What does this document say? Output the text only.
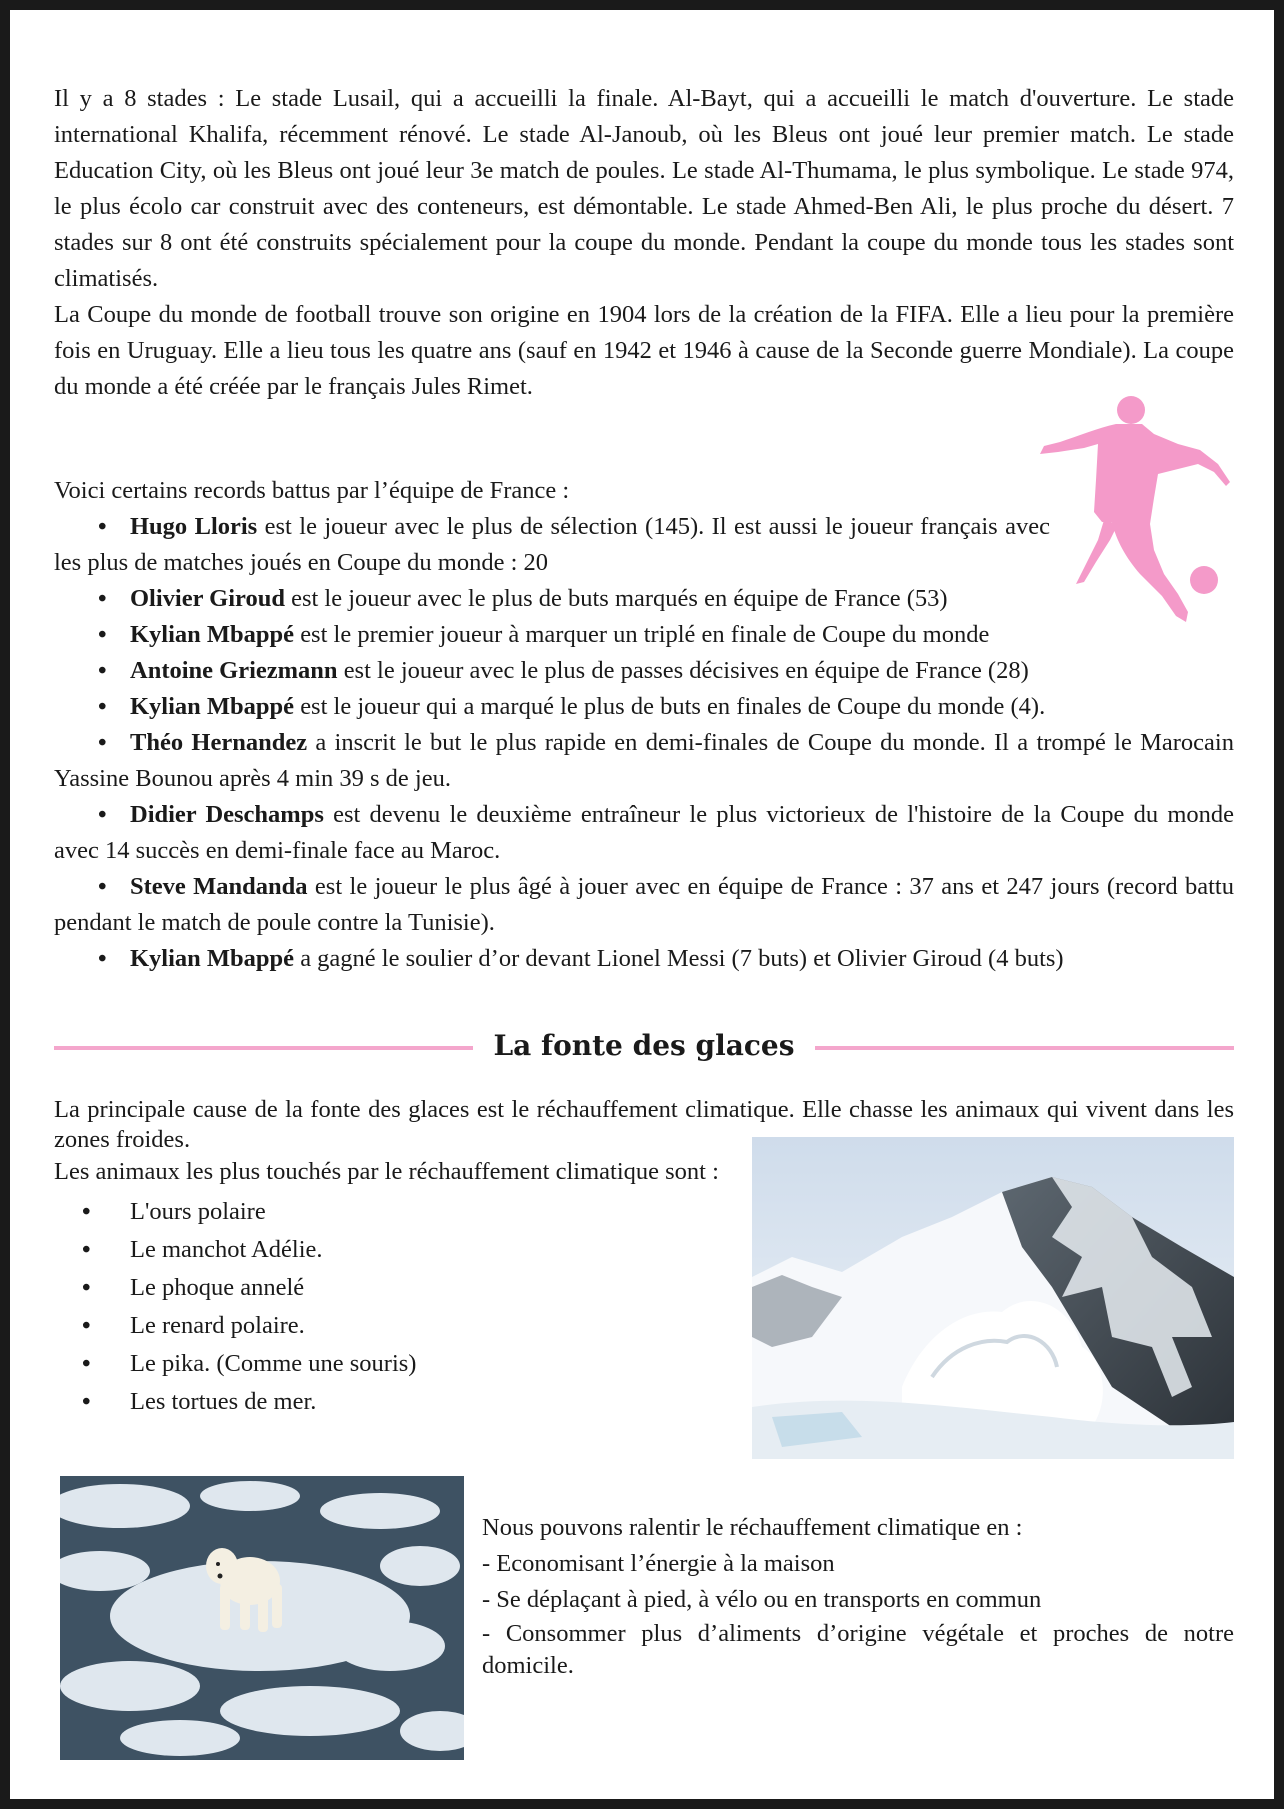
Il y a 8 stades : Le stade Lusail, qui a accueilli la finale. Al-Bayt, qui a accueilli le match d'ouverture. Le stade international Khalifa, récemment rénové. Le stade Al-Janoub, où les Bleus ont joué leur premier match. Le stade Education City, où les Bleus ont joué leur 3e match de poules. Le stade Al-Thumama, le plus symbolique. Le stade 974, le plus écolo car construit avec des conteneurs, est démontable. Le stade Ahmed-Ben Ali, le plus proche du désert. 7 stades sur 8 ont été construits spécialement pour la coupe du monde. Pendant la coupe du monde tous les stades sont climatisés.

La Coupe du monde de football trouve son origine en 1904 lors de la création de la FIFA. Elle a lieu pour la première fois en Uruguay. Elle a lieu tous les quatre ans (sauf en 1942 et 1946 à cause de la Seconde guerre Mondiale). La coupe du monde a été créée par le français Jules Rimet.

Voici certains records battus par l’équipe de France :

• Hugo Lloris est le joueur avec le plus de sélection (145). Il est aussi le joueur français avec les plus de matches joués en Coupe du monde : 20
• Olivier Giroud est le joueur avec le plus de buts marqués en équipe de France (53)
• Kylian Mbappé est le premier joueur à marquer un triplé en finale de Coupe du monde
• Antoine Griezmann est le joueur avec le plus de passes décisives en équipe de France (28)
• Kylian Mbappé est le joueur qui a marqué le plus de buts en finales de Coupe du monde (4).
• Théo Hernandez a inscrit le but le plus rapide en demi-finales de Coupe du monde. Il a trompé le Marocain Yassine Bounou après 4 min 39 s de jeu.
• Didier Deschamps est devenu le deuxième entraîneur le plus victorieux de l'histoire de la Coupe du monde avec 14 succès en demi-finale face au Maroc.
• Steve Mandanda est le joueur le plus âgé à jouer avec en équipe de France : 37 ans et 247 jours (record battu pendant le match de poule contre la Tunisie).
• Kylian Mbappé a gagné le soulier d’or devant Lionel Messi (7 buts) et Olivier Giroud (4 buts)
La fonte des glaces

La principale cause de la fonte des glaces est le réchauffement climatique. Elle chasse les animaux qui vivent dans les zones froides.

Les animaux les plus touchés par le réchauffement climatique sont :

• L'ours polaire
• Le manchot Adélie.
• Le phoque annelé
• Le renard polaire.
• Le pika. (Comme une souris)
• Les tortues de mer.

Nous pouvons ralentir le réchauffement climatique en :

- Economisant l’énergie à la maison

- Se déplaçant à pied, à vélo ou en transports en commun

- Consommer plus d’aliments d’origine végétale et proches de notre domicile.
